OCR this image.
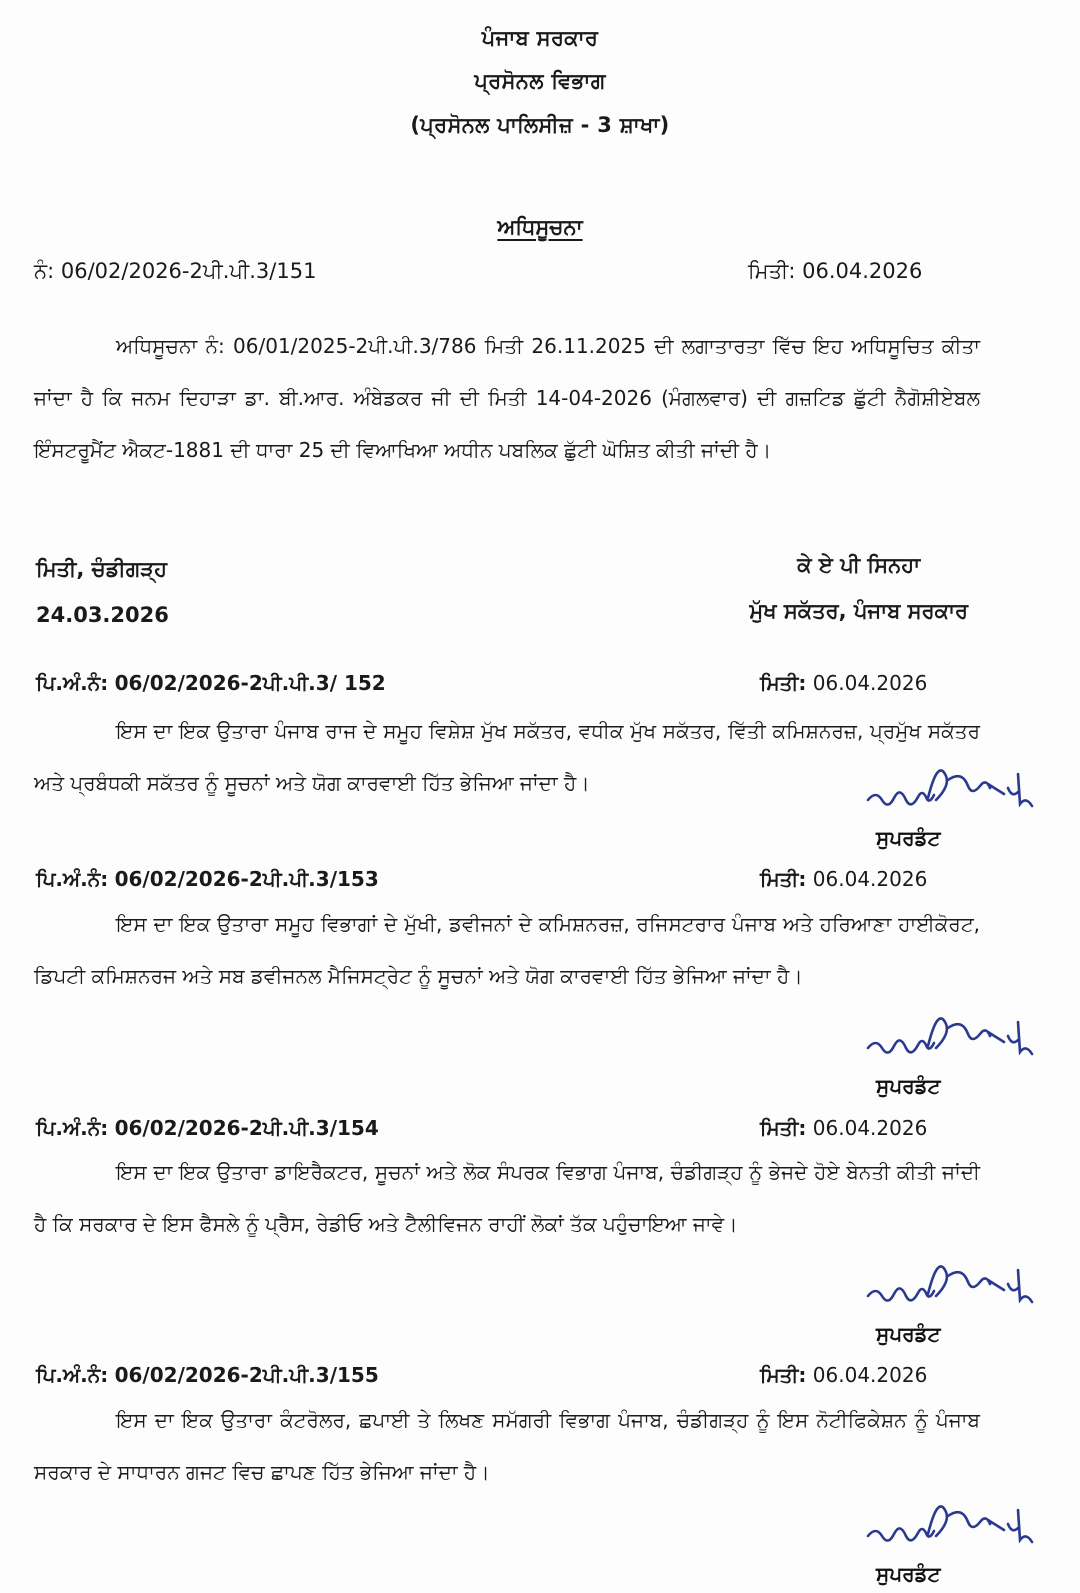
ਪੰਜਾਬ ਸਰਕਾਰ
ਪ੍ਰਸੋਨਲ ਵਿਭਾਗ
(ਪ੍ਰਸੋਨਲ ਪਾਲਿਸੀਜ਼ - 3 ਸ਼ਾਖਾ)
ਅਧਿਸੂਚਨਾ
ਨੰ: 06/02/2026-2ਪੀ.ਪੀ.3/151	ਮਿਤੀ: 06.04.2026
ਅਧਿਸੂਚਨਾ ਨੰ: 06/01/2025-2ਪੀ.ਪੀ.3/786 ਮਿਤੀ 26.11.2025 ਦੀ ਲਗਾਤਾਰਤਾ ਵਿੱਚ ਇਹ ਅਧਿਸੂਚਿਤ ਕੀਤਾ ਜਾਂਦਾ ਹੈ ਕਿ ਜਨਮ ਦਿਹਾੜਾ ਡਾ. ਬੀ.ਆਰ. ਅੰਬੇਡਕਰ ਜੀ ਦੀ ਮਿਤੀ 14-04-2026 (ਮੰਗਲਵਾਰ) ਦੀ ਗਜ਼ਟਿਡ ਛੁੱਟੀ ਨੈਗੋਸ਼ੀਏਬਲ ਇੰਸਟਰੂਮੈਂਟ ਐਕਟ-1881 ਦੀ ਧਾਰਾ 25 ਦੀ ਵਿਆਖਿਆ ਅਧੀਨ ਪਬਲਿਕ ਛੁੱਟੀ ਘੋਸ਼ਿਤ ਕੀਤੀ ਜਾਂਦੀ ਹੈ।
ਮਿਤੀ, ਚੰਡੀਗੜ੍ਹ
24.03.2026
ਕੇ ਏ ਪੀ ਸਿਨਹਾ
ਮੁੱਖ ਸਕੱਤਰ, ਪੰਜਾਬ ਸਰਕਾਰ
ਪਿ.ਅੰ.ਨੰ: 06/02/2026-2ਪੀ.ਪੀ.3/ 152	ਮਿਤੀ: 06.04.2026
ਇਸ ਦਾ ਇਕ ਉਤਾਰਾ ਪੰਜਾਬ ਰਾਜ ਦੇ ਸਮੂਹ ਵਿਸ਼ੇਸ਼ ਮੁੱਖ ਸਕੱਤਰ, ਵਧੀਕ ਮੁੱਖ ਸਕੱਤਰ, ਵਿੱਤੀ ਕਮਿਸ਼ਨਰਜ਼, ਪ੍ਰਮੁੱਖ ਸਕੱਤਰ ਅਤੇ ਪ੍ਰਬੰਧਕੀ ਸਕੱਤਰ ਨੂੰ ਸੂਚਨਾਂ ਅਤੇ ਯੋਗ ਕਾਰਵਾਈ ਹਿੱਤ ਭੇਜਿਆ ਜਾਂਦਾ ਹੈ।
ਸੁਪਰਡੰਟ
ਪਿ.ਅੰ.ਨੰ: 06/02/2026-2ਪੀ.ਪੀ.3/153	ਮਿਤੀ: 06.04.2026
ਇਸ ਦਾ ਇਕ ਉਤਾਰਾ ਸਮੂਹ ਵਿਭਾਗਾਂ ਦੇ ਮੁੱਖੀ, ਡਵੀਜਨਾਂ ਦੇ ਕਮਿਸ਼ਨਰਜ਼, ਰਜਿਸਟਰਾਰ ਪੰਜਾਬ ਅਤੇ ਹਰਿਆਣਾ ਹਾਈਕੋਰਟ, ਡਿਪਟੀ ਕਮਿਸ਼ਨਰਜ ਅਤੇ ਸਬ ਡਵੀਜਨਲ ਮੈਜਿਸਟ੍ਰੇਟ ਨੂੰ ਸੂਚਨਾਂ ਅਤੇ ਯੋਗ ਕਾਰਵਾਈ ਹਿੱਤ ਭੇਜਿਆ ਜਾਂਦਾ ਹੈ।
ਸੁਪਰਡੰਟ
ਪਿ.ਅੰ.ਨੰ: 06/02/2026-2ਪੀ.ਪੀ.3/154	ਮਿਤੀ: 06.04.2026
ਇਸ ਦਾ ਇਕ ਉਤਾਰਾ ਡਾਇਰੈਕਟਰ, ਸੂਚਨਾਂ ਅਤੇ ਲੋਕ ਸੰਪਰਕ ਵਿਭਾਗ ਪੰਜਾਬ, ਚੰਡੀਗੜ੍ਹ ਨੂੰ ਭੇਜਦੇ ਹੋਏ ਬੇਨਤੀ ਕੀਤੀ ਜਾਂਦੀ ਹੈ ਕਿ ਸਰਕਾਰ ਦੇ ਇਸ ਫੈਸਲੇ ਨੂੰ ਪ੍ਰੈਸ, ਰੇਡੀਓ ਅਤੇ ਟੈਲੀਵਿਜਨ ਰਾਹੀਂ ਲੋਕਾਂ ਤੱਕ ਪਹੁੰਚਾਇਆ ਜਾਵੇ।
ਸੁਪਰਡੰਟ
ਪਿ.ਅੰ.ਨੰ: 06/02/2026-2ਪੀ.ਪੀ.3/155	ਮਿਤੀ: 06.04.2026
ਇਸ ਦਾ ਇਕ ਉਤਾਰਾ ਕੰਟਰੋਲਰ, ਛਪਾਈ ਤੇ ਲਿਖਣ ਸਮੱਗਰੀ ਵਿਭਾਗ ਪੰਜਾਬ, ਚੰਡੀਗੜ੍ਹ ਨੂੰ ਇਸ ਨੋਟੀਫਿਕੇਸ਼ਨ ਨੂੰ ਪੰਜਾਬ ਸਰਕਾਰ ਦੇ ਸਾਧਾਰਨ ਗਜਟ ਵਿਚ ਛਾਪਣ ਹਿੱਤ ਭੇਜਿਆ ਜਾਂਦਾ ਹੈ।
ਸੁਪਰਡੰਟ
